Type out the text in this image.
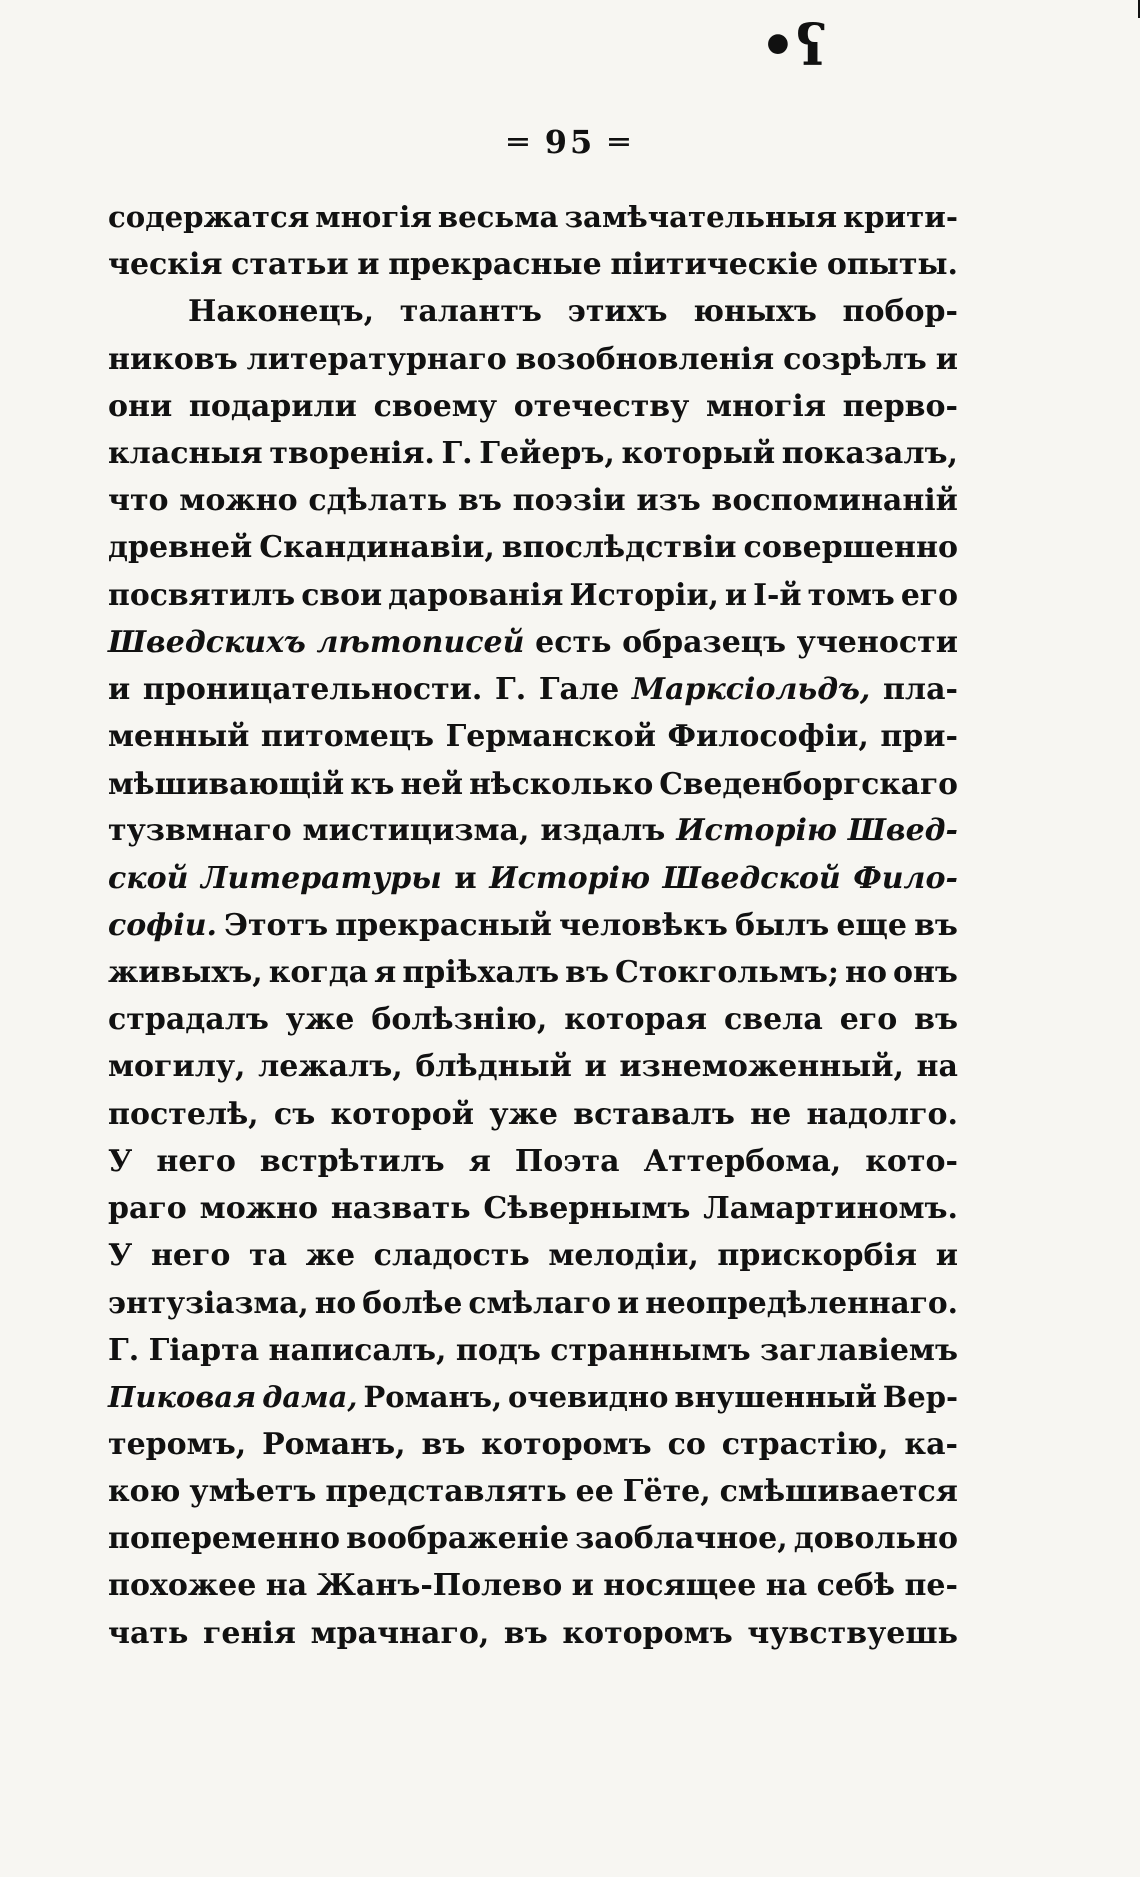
•ʕ
═ 95 ═
содержатся многія весьма замѣчательныя крити-
ческія статьи и прекрасные піитическіе опыты.
Наконецъ, талантъ этихъ юныхъ побор-
никовъ литературнаго возобновленія созрѣлъ и
они подарили своему отечеству многія перво-
класныя творенія. Г. Гейеръ, который показалъ,
что можно сдѣлать въ поэзіи изъ воспоминаній
древней Скандинавіи, впослѣдствіи совершенно
посвятилъ свои дарованія Исторіи, и I-й томъ его
Шведскихъ лѣтописей есть образецъ учености
и проницательности. Г. Гале Марксіольдъ, пла-
менный питомецъ Германской Философіи, при-
мѣшивающій къ ней нѣсколько Сведенборгскаго
тузвмнаго мистицизма, издалъ Исторію Швед-
ской Литературы и Исторію Шведской Фило-
софіи. Этотъ прекрасный человѣкъ былъ еще въ
живыхъ, когда я пріѣхалъ въ Стокгольмъ; но онъ
страдалъ уже болѣзнію, которая свела его въ
могилу, лежалъ, блѣдный и изнеможенный, на
постелѣ, съ которой уже вставалъ не надолго.
У него встрѣтилъ я Поэта Аттербома, кото-
раго можно назвать Сѣвернымъ Ламартиномъ.
У него та же сладость мелодіи, прискорбія и
энтузіазма, но болѣе смѣлаго и неопредѣленнаго.
Г. Гіарта написалъ, подъ страннымъ заглавіемъ
Пиковая дама, Романъ, очевидно внушенный Вер-
теромъ, Романъ, въ которомъ со страстію, ка-
кою умѣетъ представлять ее Гёте, смѣшивается
попеременно воображеніе заоблачное, довольно
похожее на Жанъ-Полево и носящее на себѣ пе-
чать генія мрачнаго, въ которомъ чувствуешь
